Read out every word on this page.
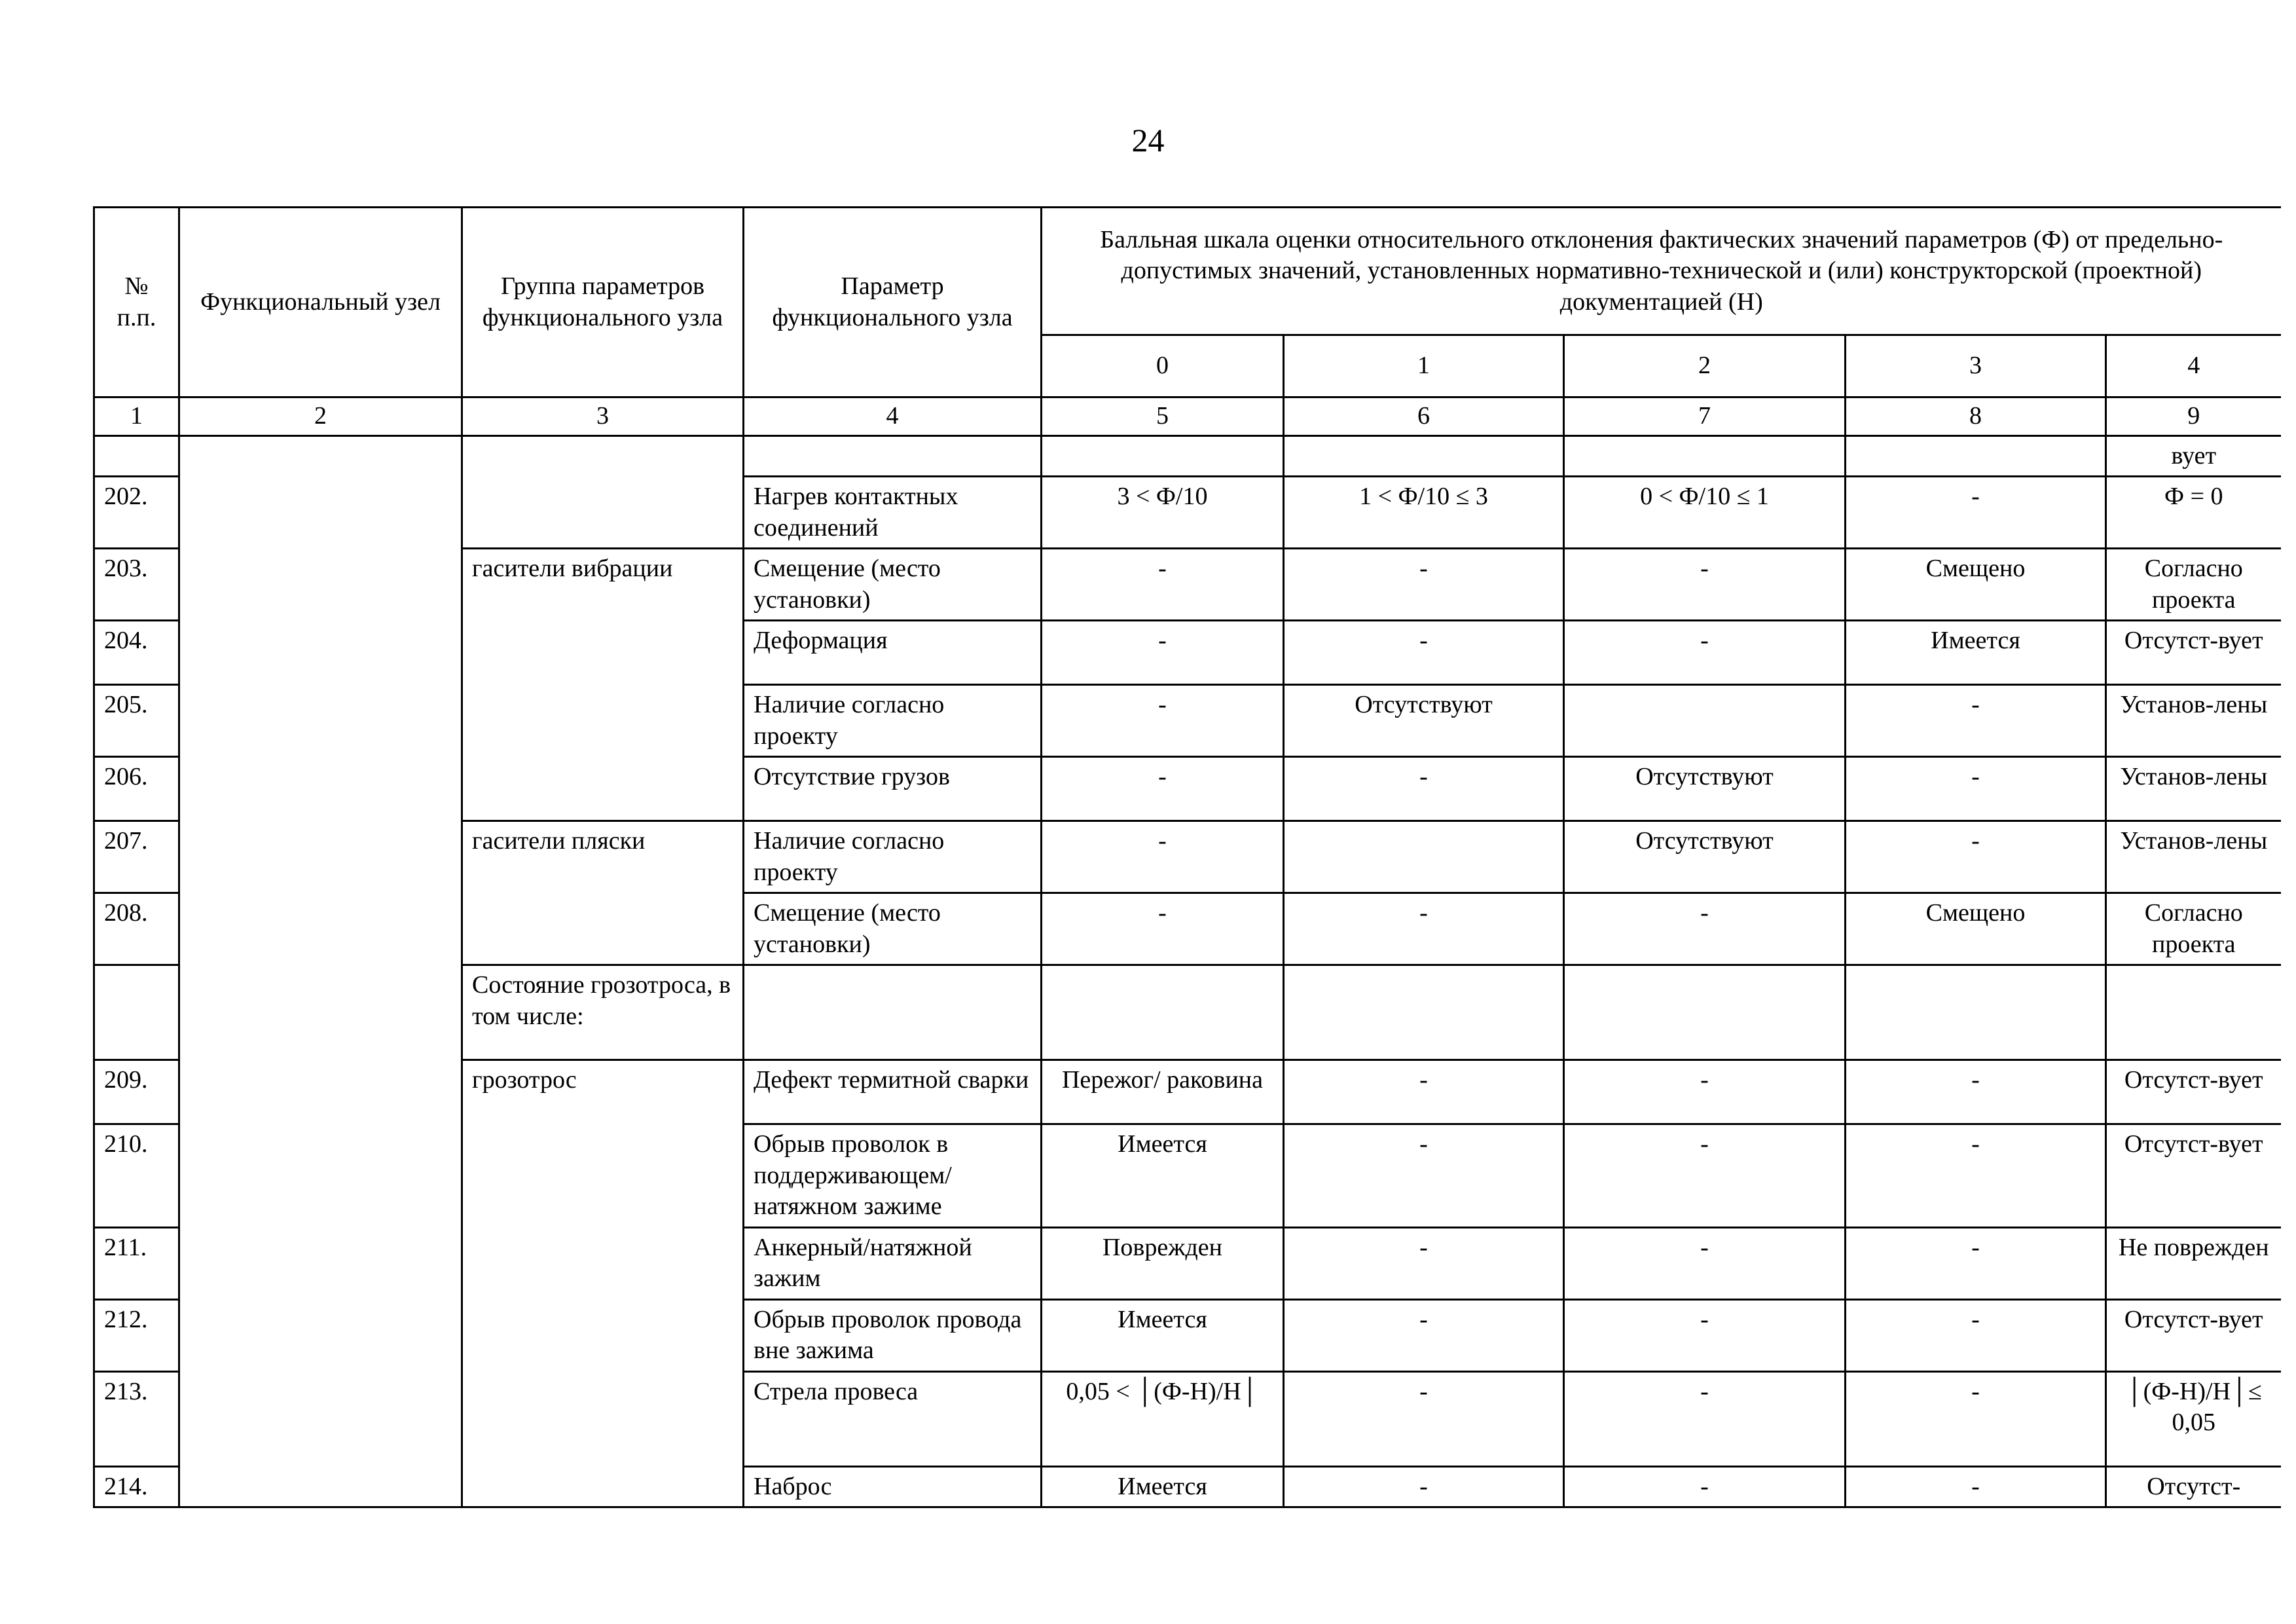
24
№ п.п.	Функциональный узел	Группа параметров функционального узла	Параметр функционального узла	Балльная шкала оценки относительного отклонения фактических значений параметров (Ф) от предельно-допустимых значений, установленных нормативно-технической и (или) конструкторской (проектной) документацией (Н)				
				0	1	2	3	4
1	2	3	4	5	6	7	8	9
								вует
202.			Нагрев контактных соединений	3 < Ф/10	1 < Ф/10 ≤ 3	0 < Ф/10 ≤ 1	-	Ф = 0
203.		гасители вибрации	Смещение (место установки)	-	-	-	Смещено	Согласно проекта
204.			Деформация	-	-	-	Имеется	Отсутст-вует
205.			Наличие согласно проекту	-	Отсутствуют		-	Установ-лены
206.			Отсутствие грузов	-	-	Отсутствуют	-	Установ-лены
207.		гасители пляски	Наличие согласно проекту	-		Отсутствуют	-	Установ-лены
208.			Смещение (место установки)	-	-	-	Смещено	Согласно проекта
		Состояние грозотроса, в том числе:						
209.		грозотрос	Дефект термитной сварки	Пережог/ раковина	-	-	-	Отсутст-вует
210.			Обрыв проволок в поддерживающем/ натяжном зажиме	Имеется	-	-	-	Отсутст-вует
211.			Анкерный/натяжной зажим	Поврежден	-	-	-	Не поврежден
212.			Обрыв проволок провода вне зажима	Имеется	-	-	-	Отсутст-вует
213.			Стрела провеса	0,05 < │(Ф-Н)/Н│	-	-	-	│(Ф-Н)/Н│≤ 0,05
214.			Наброс	Имеется	-	-	-	Отсутст-
